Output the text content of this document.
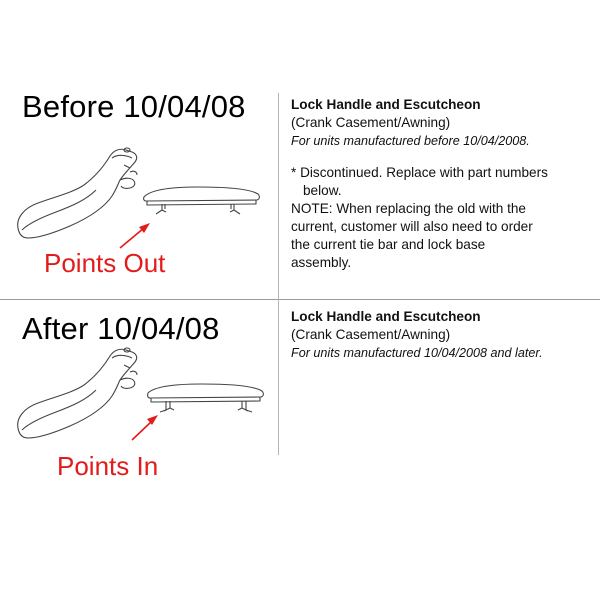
Before 10/04/08
Points Out
Lock Handle and Escutcheon
(Crank Casement/Awning)
For units manufactured before 10/04/2008.
* Discontinued. Replace with part numbers
below.
NOTE: When replacing the old with the
current, customer will also need to order
the current tie bar and lock base
assembly.
After 10/04/08
Points In
Lock Handle and Escutcheon
(Crank Casement/Awning)
For units manufactured 10/04/2008 and later.
